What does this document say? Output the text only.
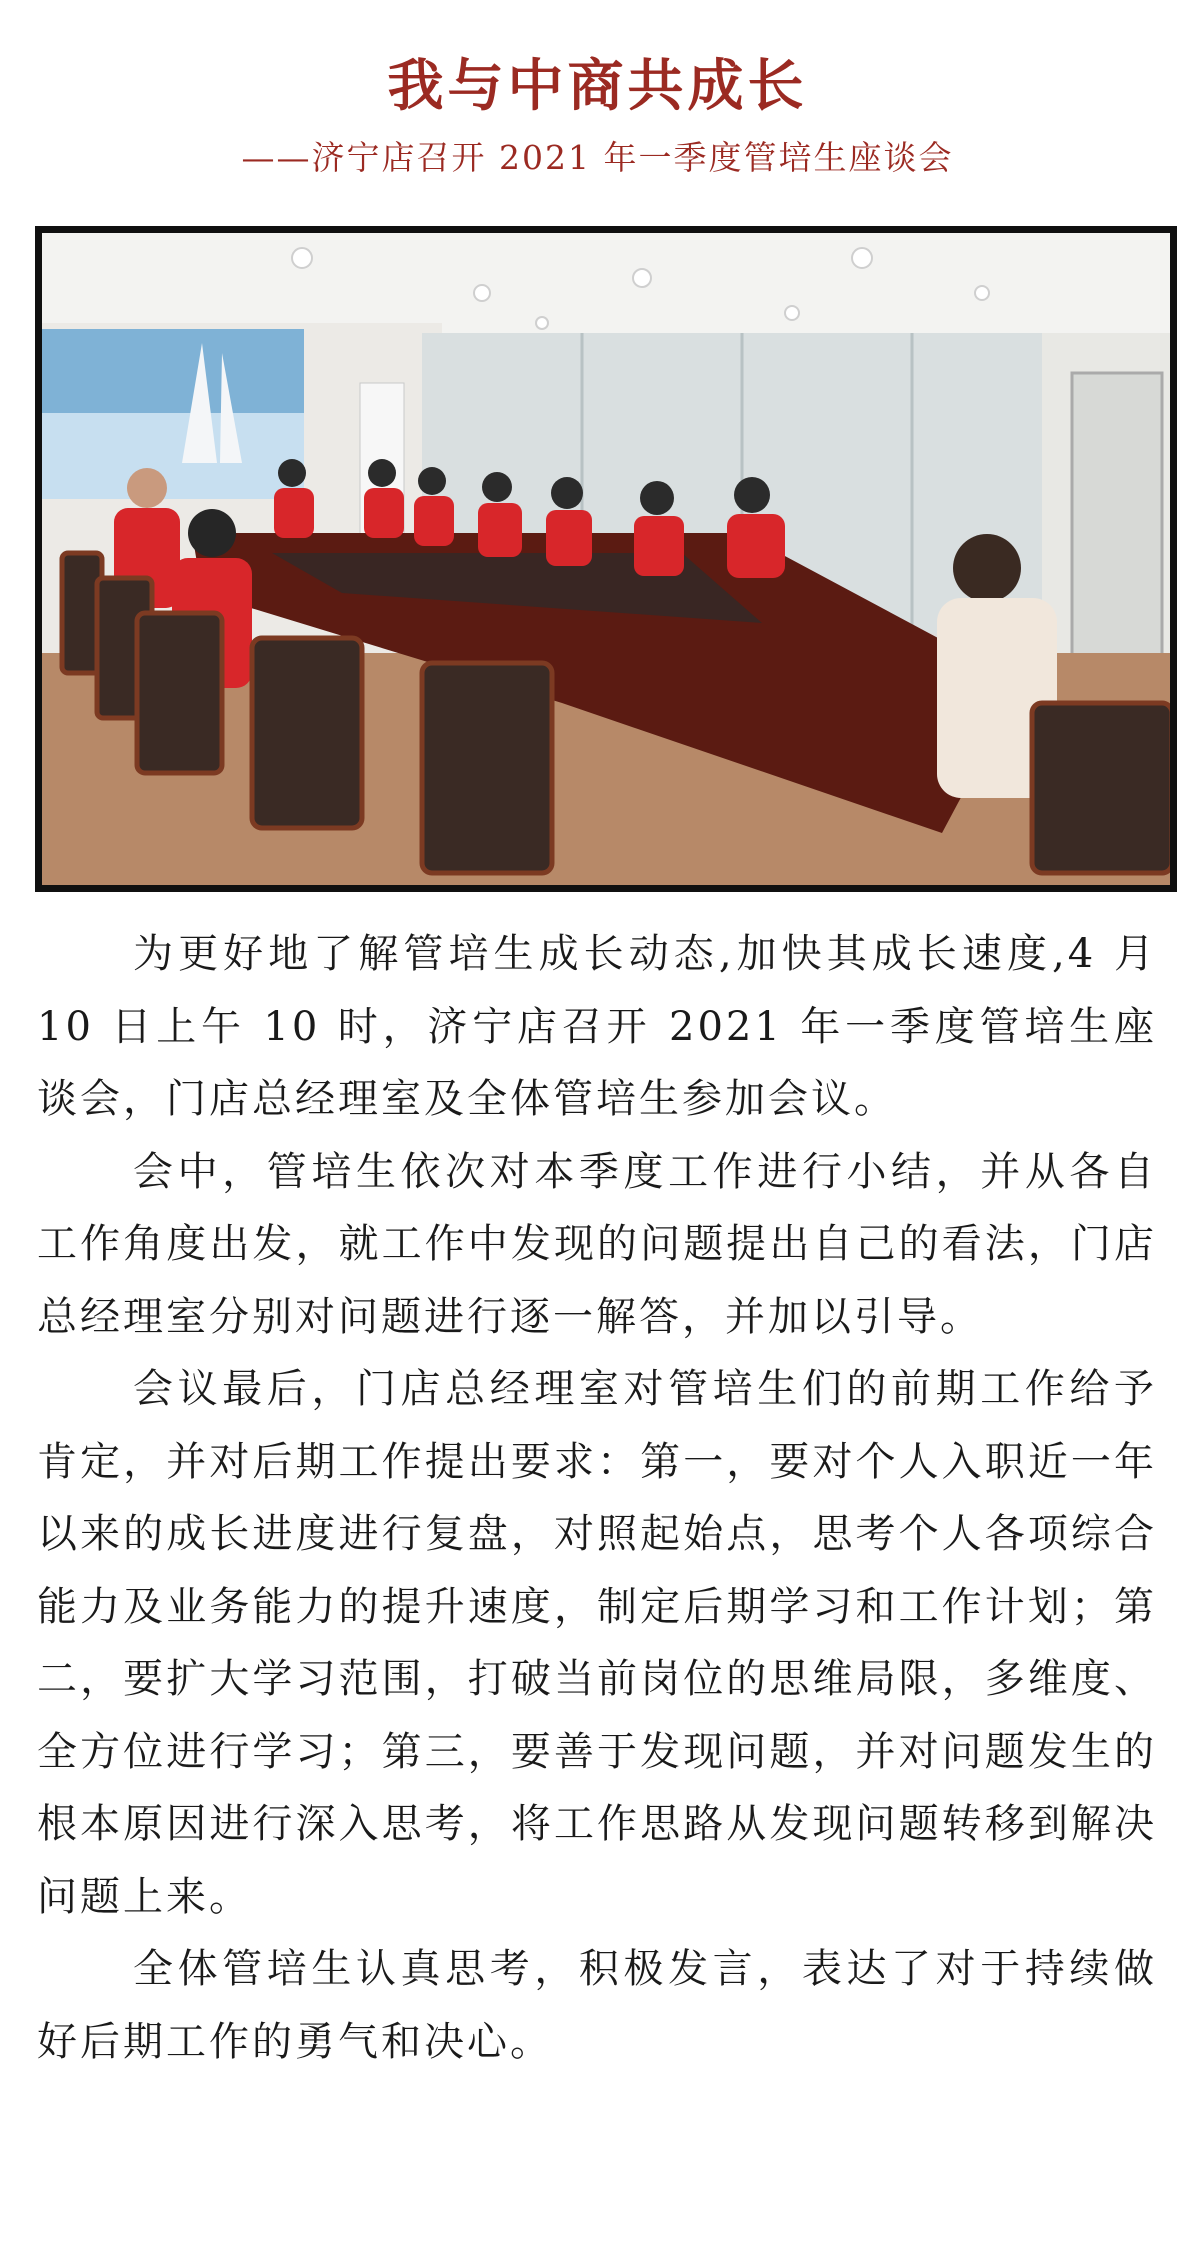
我与中商共成长
——济宁店召开 2021 年一季度管培生座谈会

为更好地了解管培生成长动态,加快其成长速度,4 月 10 日上午 10 时，济宁店召开 2021 年一季度管培生座谈会，门店总经理室及全体管培生参加会议。

会中，管培生依次对本季度工作进行小结，并从各自工作角度出发，就工作中发现的问题提出自己的看法，门店总经理室分别对问题进行逐一解答，并加以引导。

会议最后，门店总经理室对管培生们的前期工作给予肯定，并对后期工作提出要求：第一，要对个人入职近一年以来的成长进度进行复盘，对照起始点，思考个人各项综合能力及业务能力的提升速度，制定后期学习和工作计划；第二，要扩大学习范围，打破当前岗位的思维局限，多维度、全方位进行学习；第三，要善于发现问题，并对问题发生的根本原因进行深入思考，将工作思路从发现问题转移到解决问题上来。

全体管培生认真思考，积极发言，表达了对于持续做好后期工作的勇气和决心。
